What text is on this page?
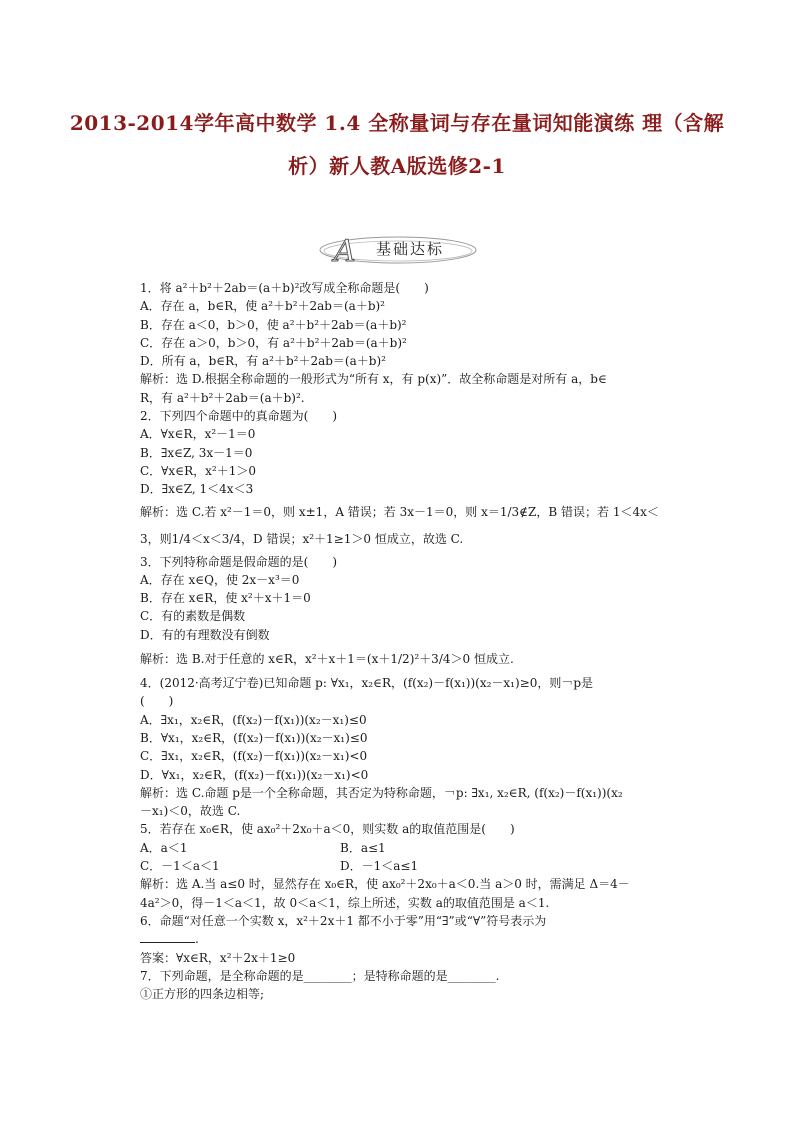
2013-2014学年高中数学 1.4 全称量词与存在量词知能演练 理（含解
析）新人教A版选修2-1
A 基础达标
1．将 a²＋b²＋2ab＝(a＋b)²改写成全称命题是(　　)
A．存在 a，b∈R，使 a²＋b²＋2ab＝(a＋b)²
B．存在 a＜0，b＞0，使 a²＋b²＋2ab＝(a＋b)²
C．存在 a＞0，b＞0，有 a²＋b²＋2ab＝(a＋b)²
D．所有 a，b∈R，有 a²＋b²＋2ab＝(a＋b)²
解析：选 D.根据全称命题的一般形式为“所有 x，有 p(x)”．故全称命题是对所有 a，b∈
R，有 a²＋b²＋2ab＝(a＋b)².
2．下列四个命题中的真命题为(　　)
A．∀x∈R，x²－1＝0
B．∃x∈Z, 3x－1＝0
C．∀x∈R，x²＋1＞0
D．∃x∈Z, 1＜4x＜3
解析：选 C.若 x²－1＝0，则 x±1，A 错误；若 3x－1＝0，则 x＝1/3∉Z，B 错误；若 1＜4x＜
3，则1/4＜x＜3/4，D 错误；x²＋1≥1＞0 恒成立，故选 C.
3．下列特称命题是假命题的是(　　)
A．存在 x∈Q，使 2x－x³＝0
B．存在 x∈R，使 x²＋x＋1＝0
C．有的素数是偶数
D．有的有理数没有倒数
解析：选 B.对于任意的 x∈R，x²＋x＋1＝(x＋1/2)²＋3/4＞0 恒成立.
4．(2012·高考辽宁卷)已知命题 p: ∀x₁，x₂∈R，(f(x₂)－f(x₁))(x₂－x₁)≥0，则￢p是
(　　)
A．∃x₁，x₂∈R，(f(x₂)－f(x₁))(x₂－x₁)≤0
B．∀x₁，x₂∈R，(f(x₂)－f(x₁))(x₂－x₁)≤0
C．∃x₁，x₂∈R，(f(x₂)－f(x₁))(x₂－x₁)<0
D．∀x₁，x₂∈R，(f(x₂)－f(x₁))(x₂－x₁)<0
解析：选 C.命题 p是一个全称命题，其否定为特称命题，￢p: ∃x₁, x₂∈R, (f(x₂)－f(x₁))(x₂
－x₁)＜0，故选 C.
5．若存在 x₀∈R，使 ax₀²＋2x₀＋a＜0，则实数 a的取值范围是(　　)
A．a＜1	B．a≤1
C．－1＜a＜1	D．－1＜a≤1
解析：选 A.当 a≤0 时，显然存在 x₀∈R，使 ax₀²＋2x₀＋a＜0.当 a＞0 时，需满足 Δ＝4－
4a²＞0，得－1＜a＜1，故 0＜a＜1，综上所述，实数 a的取值范围是 a＜1.
6．命题“对任意一个实数 x，x²＋2x＋1 都不小于零”用“∃”或“∀”符号表示为
.
答案：∀x∈R，x²＋2x＋1≥0
7．下列命题，是全称命题的是________；是特称命题的是________.
①正方形的四条边相等;
